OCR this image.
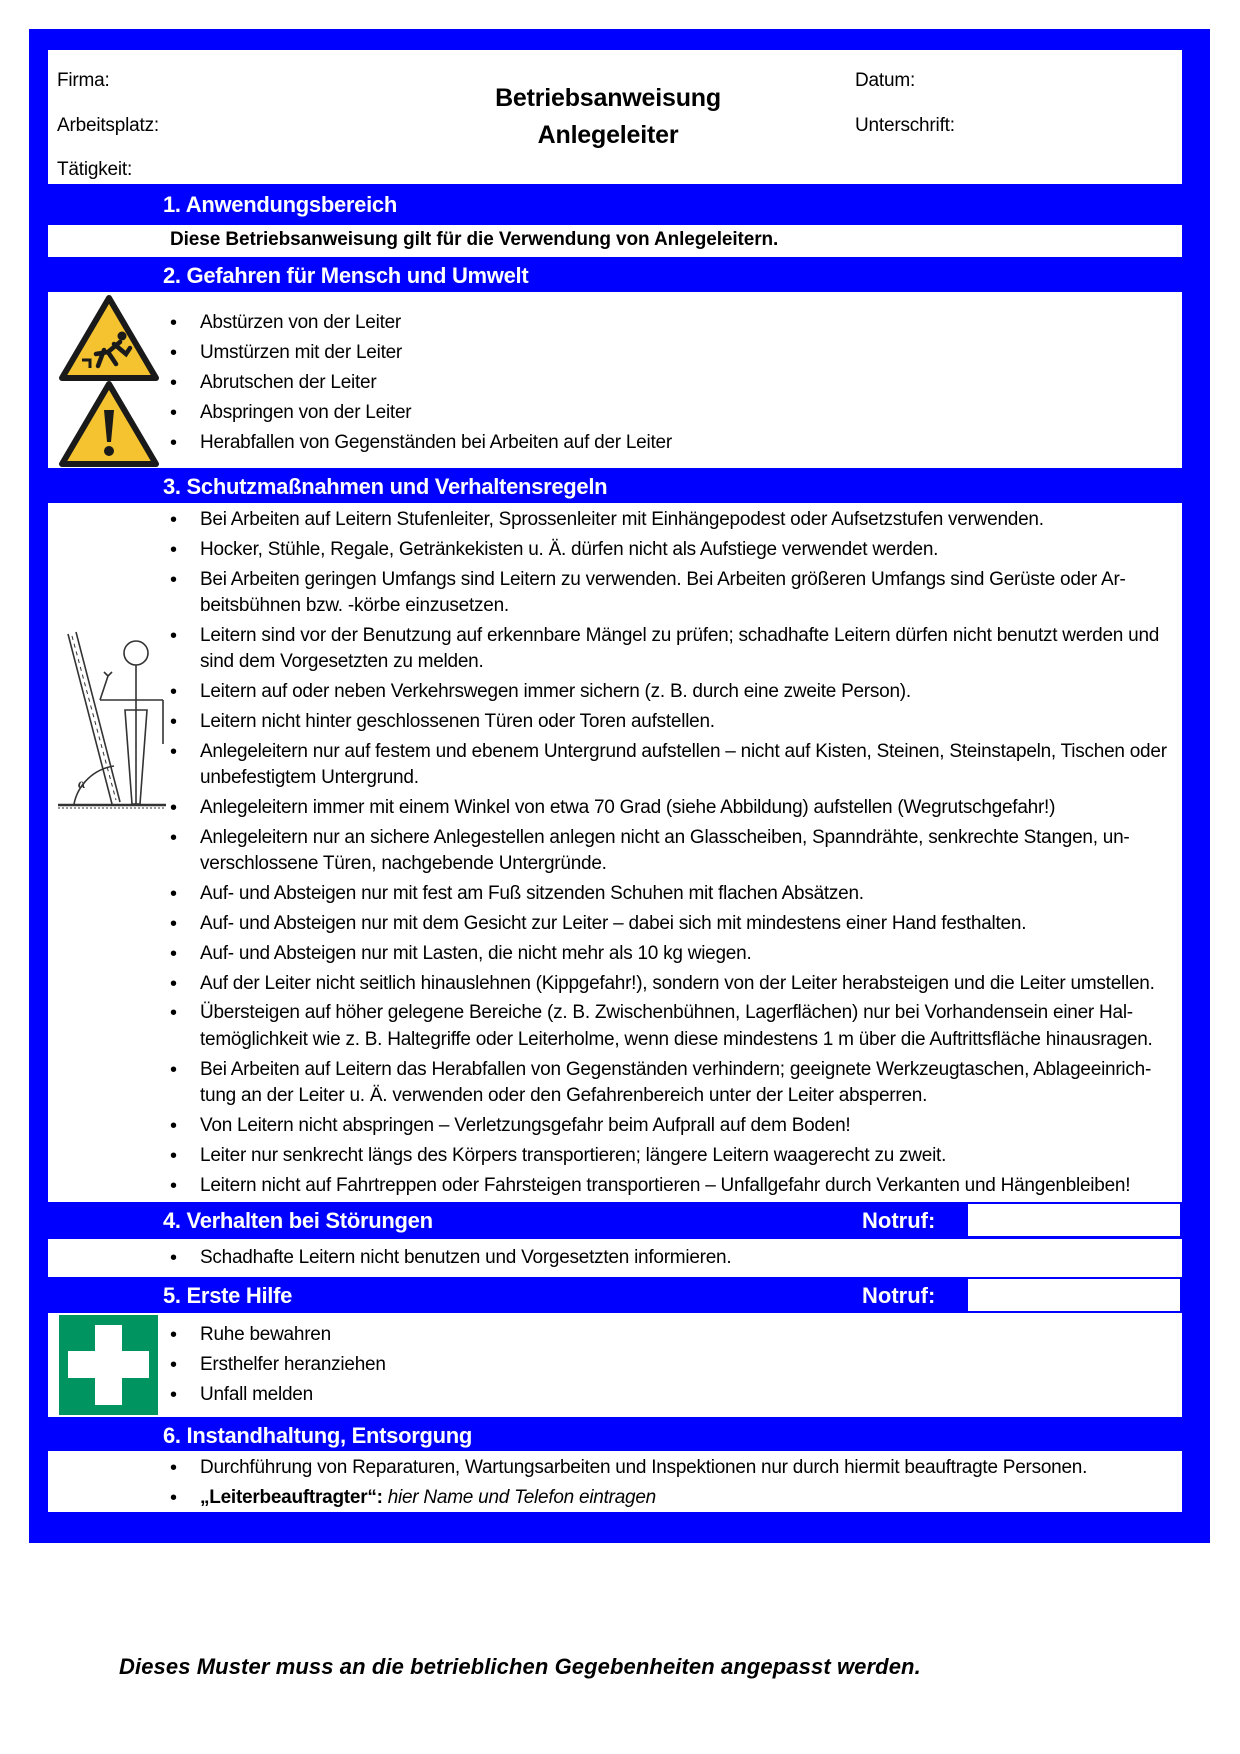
Firma:
Arbeitsplatz:
Tätigkeit:
Betriebsanweisung
Anlegeleiter
Datum:
Unterschrift:
1. Anwendungsbereich
Diese Betriebsanweisung gilt für die Verwendung von Anlegeleitern.
2. Gefahren für Mensch und Umwelt
• Abstürzen von der Leiter
• Umstürzen mit der Leiter
• Abrutschen der Leiter
• Abspringen von der Leiter
• Herabfallen von Gegenständen bei Arbeiten auf der Leiter
3. Schutzmaßnahmen und Verhaltensregeln
α
• Bei Arbeiten auf Leitern Stufenleiter, Sprossenleiter mit Einhängepodest oder Aufsetzstufen verwenden.
• Hocker, Stühle, Regale, Getränkekisten u. Ä. dürfen nicht als Aufstiege verwendet werden.
• Bei Arbeiten geringen Umfangs sind Leitern zu verwenden. Bei Arbeiten größeren Umfangs sind Gerüste oder Ar-beitsbühnen bzw. -körbe einzusetzen.
• Leitern sind vor der Benutzung auf erkennbare Mängel zu prüfen; schadhafte Leitern dürfen nicht benutzt werden und sind dem Vorgesetzten zu melden.
• Leitern auf oder neben Verkehrswegen immer sichern (z. B. durch eine zweite Person).
• Leitern nicht hinter geschlossenen Türen oder Toren aufstellen.
• Anlegeleitern nur auf festem und ebenem Untergrund aufstellen – nicht auf Kisten, Steinen, Steinstapeln, Tischen oder unbefestigtem Untergrund.
• Anlegeleitern immer mit einem Winkel von etwa 70 Grad (siehe Abbildung) aufstellen (Wegrutschgefahr!)
• Anlegeleitern nur an sichere Anlegestellen anlegen nicht an Glasscheiben, Spanndrähte, senkrechte Stangen, un-verschlossene Türen, nachgebende Untergründe.
• Auf- und Absteigen nur mit fest am Fuß sitzenden Schuhen mit flachen Absätzen.
• Auf- und Absteigen nur mit dem Gesicht zur Leiter – dabei sich mit mindestens einer Hand festhalten.
• Auf- und Absteigen nur mit Lasten, die nicht mehr als 10 kg wiegen.
• Auf der Leiter nicht seitlich hinauslehnen (Kippgefahr!), sondern von der Leiter herabsteigen und die Leiter umstellen.
• Übersteigen auf höher gelegene Bereiche (z. B. Zwischenbühnen, Lagerflächen) nur bei Vorhandensein einer Hal-temöglichkeit wie z. B. Haltegriffe oder Leiterholme, wenn diese mindestens 1 m über die Auftrittsfläche hinausragen.
• Bei Arbeiten auf Leitern das Herabfallen von Gegenständen verhindern; geeignete Werkzeugtaschen, Ablageeinrich-tung an der Leiter u. Ä. verwenden oder den Gefahrenbereich unter der Leiter absperren.
• Von Leitern nicht abspringen – Verletzungsgefahr beim Aufprall auf dem Boden!
• Leiter nur senkrecht längs des Körpers transportieren; längere Leitern waagerecht zu zweit.
• Leitern nicht auf Fahrtreppen oder Fahrsteigen transportieren – Unfallgefahr durch Verkanten und Hängenbleiben!
4. Verhalten bei Störungen	Notruf:
• Schadhafte Leitern nicht benutzen und Vorgesetzten informieren.
5. Erste Hilfe	Notruf:
• Ruhe bewahren
• Ersthelfer heranziehen
• Unfall melden
6. Instandhaltung, Entsorgung
• Durchführung von Reparaturen, Wartungsarbeiten und Inspektionen nur durch hiermit beauftragte Personen.
• „Leiterbeauftragter“: hier Name und Telefon eintragen
Dieses Muster muss an die betrieblichen Gegebenheiten angepasst werden.
